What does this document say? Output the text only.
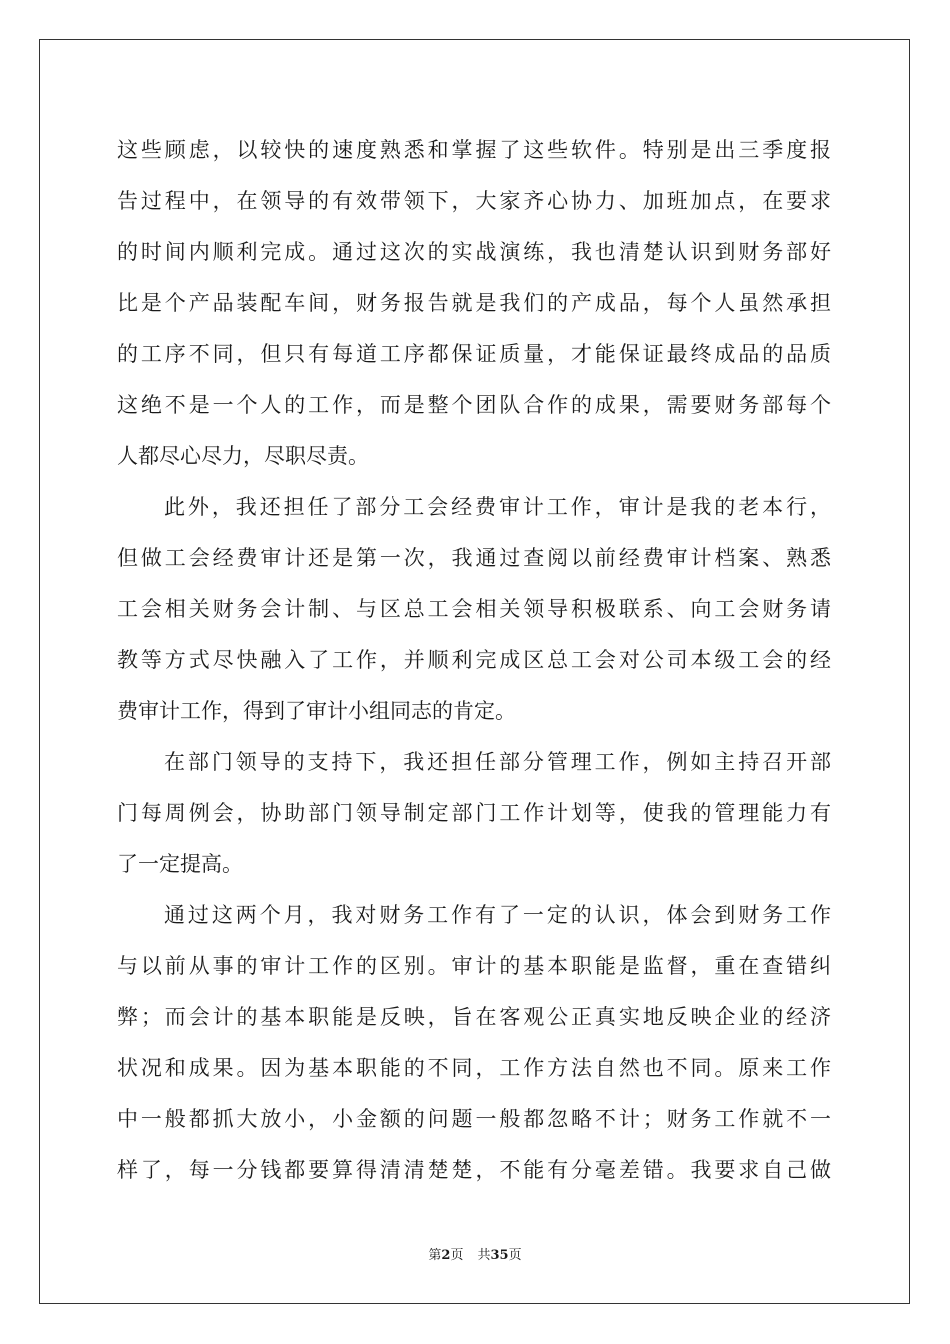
这些顾虑，以较快的速度熟悉和掌握了这些软件。特别是出三季度报
告过程中，在领导的有效带领下，大家齐心协力、加班加点，在要求
的时间内顺利完成。通过这次的实战演练，我也清楚认识到财务部好
比是个产品装配车间，财务报告就是我们的产成品，每个人虽然承担
的工序不同，但只有每道工序都保证质量，才能保证最终成品的品质
这绝不是一个人的工作，而是整个团队合作的成果，需要财务部每个
人都尽心尽力，尽职尽责。
此外，我还担任了部分工会经费审计工作，审计是我的老本行，
但做工会经费审计还是第一次，我通过查阅以前经费审计档案、熟悉
工会相关财务会计制、与区总工会相关领导积极联系、向工会财务请
教等方式尽快融入了工作，并顺利完成区总工会对公司本级工会的经
费审计工作，得到了审计小组同志的肯定。
在部门领导的支持下，我还担任部分管理工作，例如主持召开部
门每周例会，协助部门领导制定部门工作计划等，使我的管理能力有
了一定提高。
通过这两个月，我对财务工作有了一定的认识，体会到财务工作
与以前从事的审计工作的区别。审计的基本职能是监督，重在查错纠
弊；而会计的基本职能是反映，旨在客观公正真实地反映企业的经济
状况和成果。因为基本职能的不同，工作方法自然也不同。原来工作
中一般都抓大放小，小金额的问题一般都忽略不计；财务工作就不一
样了，每一分钱都要算得清清楚楚，不能有分毫差错。我要求自己做
第2页 共35页
